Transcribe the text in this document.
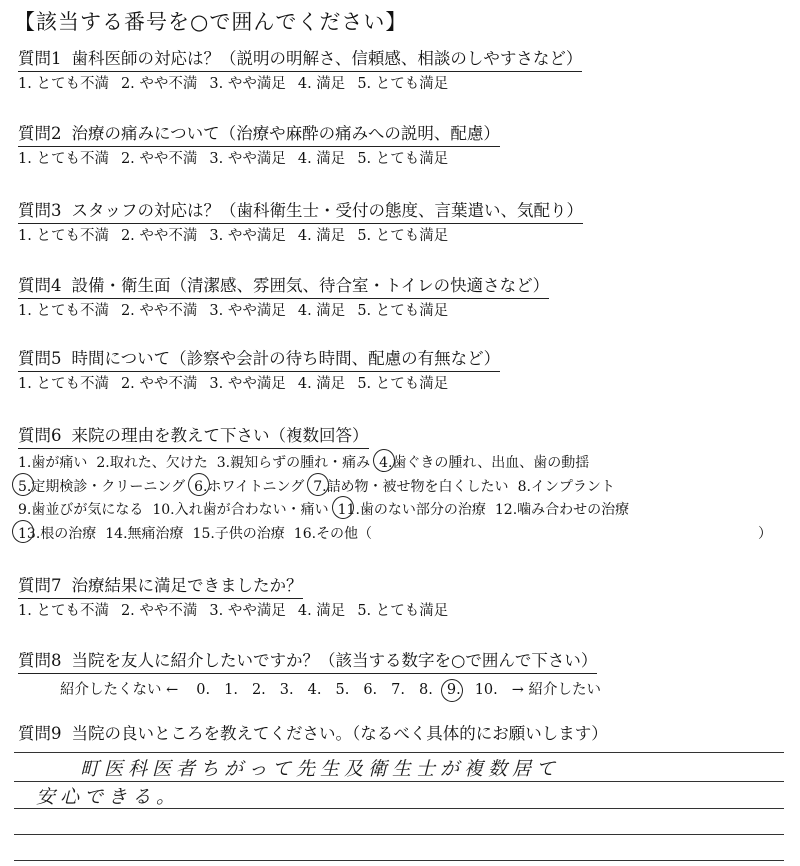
【該当する番号を○で囲んでください】
質問1 歯科医師の対応は？（説明の明解さ、信頼感、相談のしやすさなど）
1. とても不満 2. やや不満 3. やや満足 4. 満足 5. とても満足
質問2 治療の痛みについて（治療や麻酔の痛みへの説明、配慮）
1. とても不満 2. やや不満 3. やや満足 4. 満足 5. とても満足
質問3 スタッフの対応は？（歯科衛生士・受付の態度、言葉遣い、気配り）
1. とても不満 2. やや不満 3. やや満足 4. 満足 5. とても満足
質問4 設備・衛生面（清潔感、雰囲気、待合室・トイレの快適さなど）
1. とても不満 2. やや不満 3. やや満足 4. 満足 5. とても満足
質問5 時間について（診察や会計の待ち時間、配慮の有無など）
1. とても不満 2. やや不満 3. やや満足 4. 満足 5. とても満足
質問6 来院の理由を教えて下さい（複数回答）
1.歯が痛い 2.取れた、欠けた 3.親知らずの腫れ・痛み 4.歯ぐきの腫れ、出血、歯の動揺
5.定期検診・クリーニング 6.ホワイトニング 7.詰め物・被せ物を白くしたい 8.インプラント
9.歯並びが気になる 10.入れ歯が合わない・痛い 11.歯のない部分の治療 12.噛み合わせの治療
13.根の治療 14.無痛治療 15.子供の治療 16.その他（	）
質問7 治療結果に満足できましたか？
1. とても不満 2. やや不満 3. やや満足 4. 満足 5. とても満足
質問8 当院を友人に紹介したいですか？（該当する数字を○で囲んで下さい）
紹介したくない ← 0. 1. 2. 3. 4. 5. 6. 7. 8. 9. 10. → 紹介したい
質問9 当院の良いところを教えてください。（なるべく具体的にお願いします）
町医科医者ちがって先生及衛生士が複数居て
安心できる。
